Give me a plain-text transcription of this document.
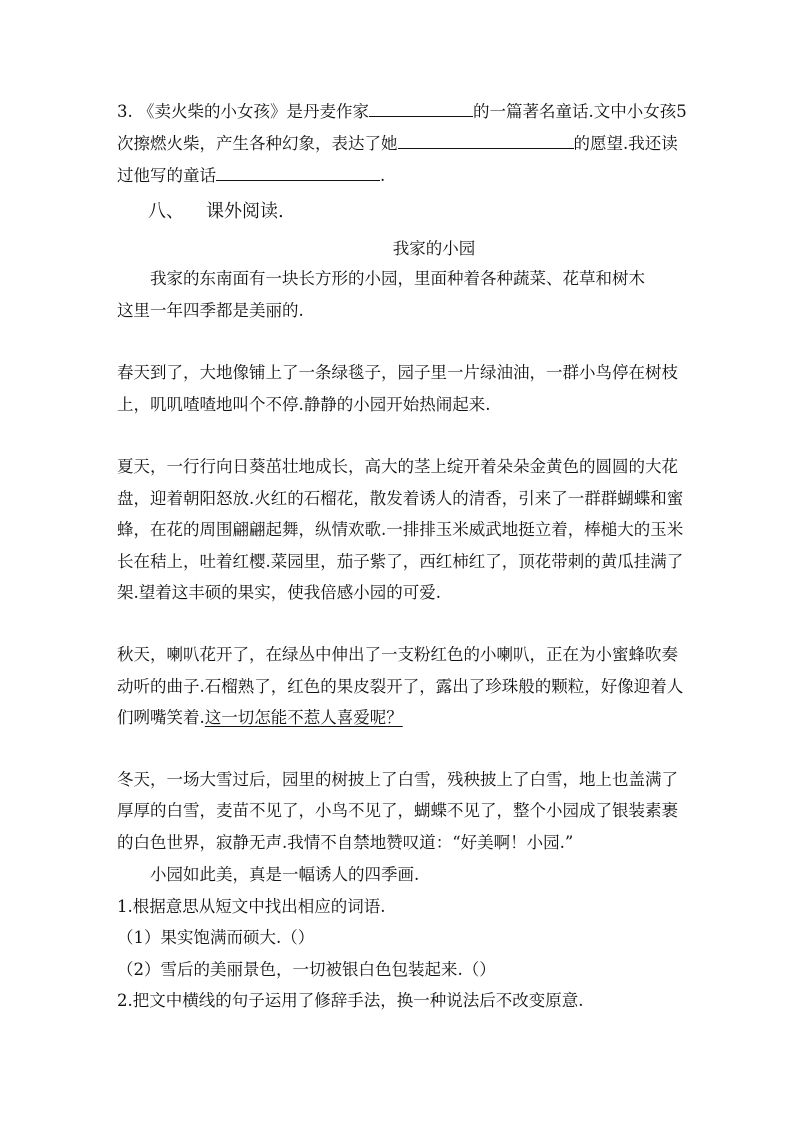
3. 《卖火柴的小女孩》是丹麦作家	的一篇著名童话.文中小女孩5
次擦燃火柴，产生各种幻象，表达了她	的愿望.我还读
过他写的童话	.
八、 课外阅读.
我家的小园
我家的东南面有一块长方形的小园，里面种着各种蔬菜、花草和树木
这里一年四季都是美丽的.
春天到了，大地像铺上了一条绿毯子，园子里一片绿油油，一群小鸟停在树枝
上，叽叽喳喳地叫个不停.静静的小园开始热闹起来.
夏天，一行行向日葵茁壮地成长，高大的茎上绽开着朵朵金黄色的圆圆的大花
盘，迎着朝阳怒放.火红的石榴花，散发着诱人的清香，引来了一群群蝴蝶和蜜
蜂，在花的周围翩翩起舞，纵情欢歌.一排排玉米威武地挺立着，棒槌大的玉米
长在秸上，吐着红樱.菜园里，茄子紫了，西红柿红了，顶花带刺的黄瓜挂满了
架.望着这丰硕的果实，使我倍感小园的可爱.
秋天，喇叭花开了，在绿丛中伸出了一支粉红色的小喇叭，正在为小蜜蜂吹奏
动听的曲子.石榴熟了，红色的果皮裂开了，露出了珍珠般的颗粒，好像迎着人
们咧嘴笑着.这一切怎能不惹人喜爱呢？
冬天，一场大雪过后，园里的树披上了白雪，残秧披上了白雪，地上也盖满了
厚厚的白雪，麦苗不见了，小鸟不见了，蝴蝶不见了，整个小园成了银装素裹
的白色世界，寂静无声.我情不自禁地赞叹道：“好美啊！小园.”
小园如此美，真是一幅诱人的四季画.
1.根据意思从短文中找出相应的词语.
（1）果实饱满而硕大.（）
（2）雪后的美丽景色，一切被银白色包装起来.（）
2.把文中横线的句子运用了修辞手法，换一种说法后不改变原意.
